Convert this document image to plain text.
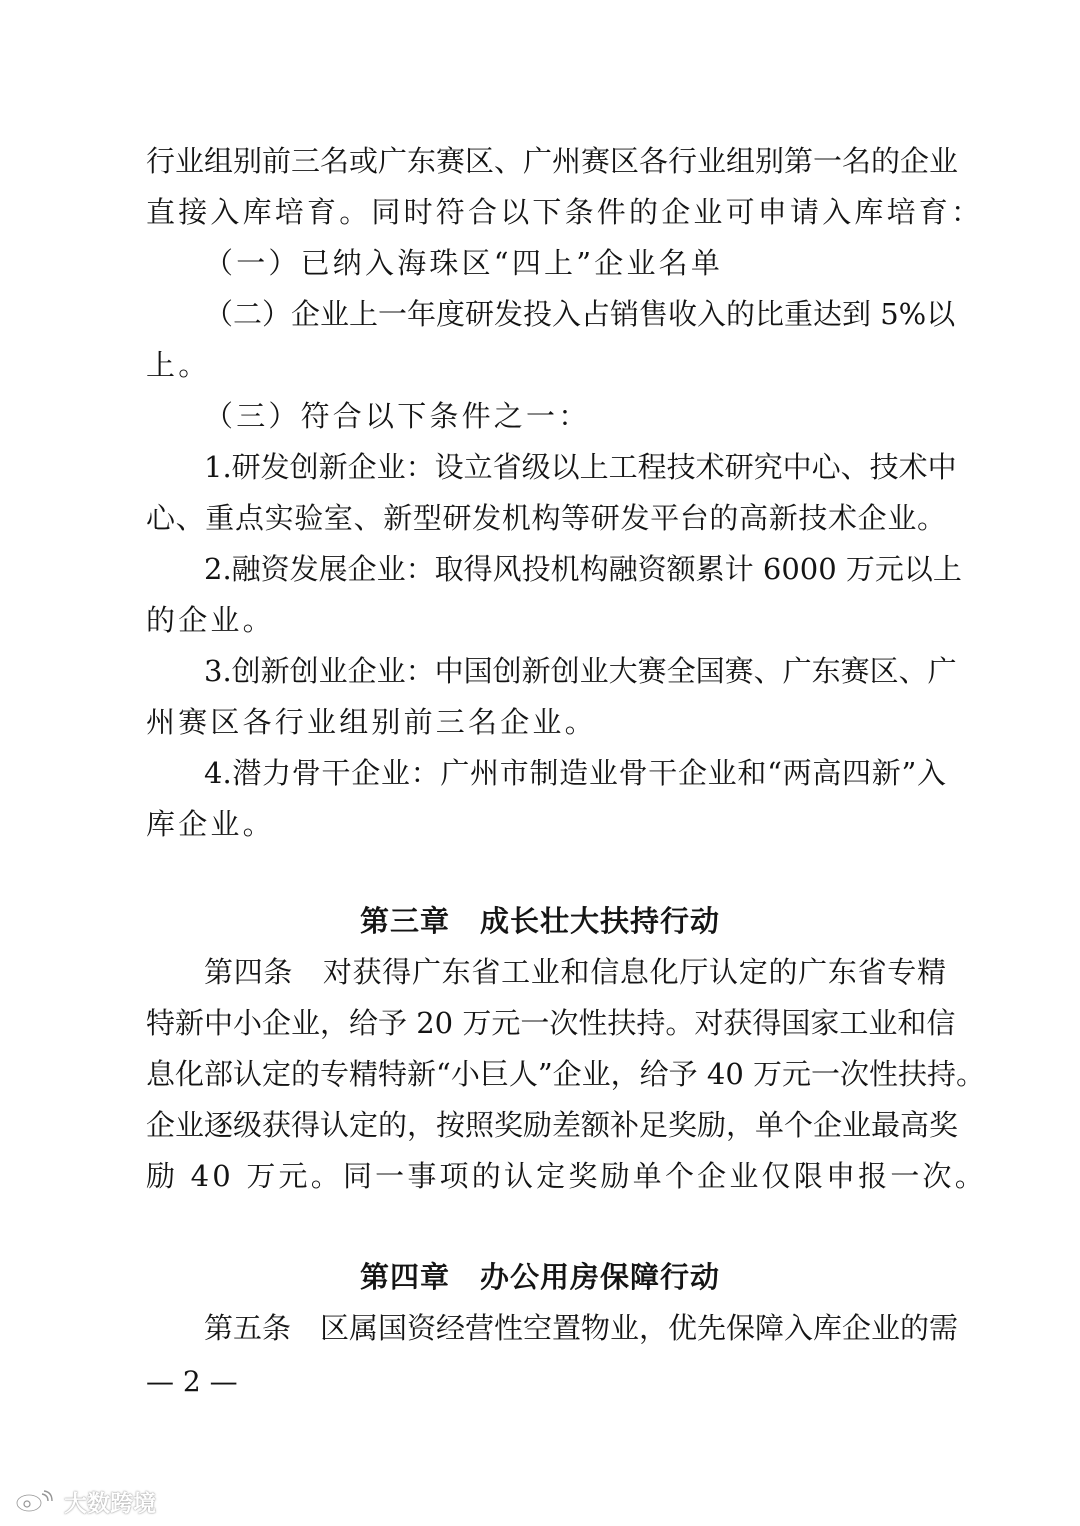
行业组别前三名或广东赛区、广州赛区各行业组别第一名的企业
直接入库培育。同时符合以下条件的企业可申请入库培育：
（一）已纳入海珠区“四上”企业名单
（二）企业上一年度研发投入占销售收入的比重达到 5%以
上。
（三）符合以下条件之一：
1.研发创新企业：设立省级以上工程技术研究中心、技术中
心、重点实验室、新型研发机构等研发平台的高新技术企业。
2.融资发展企业：取得风投机构融资额累计 6000 万元以上
的企业。
3.创新创业企业：中国创新创业大赛全国赛、广东赛区、广
州赛区各行业组别前三名企业。
4.潜力骨干企业：广州市制造业骨干企业和“两高四新”入
库企业。
第三章　成长壮大扶持行动
第四条　对获得广东省工业和信息化厅认定的广东省专精
特新中小企业，给予 20 万元一次性扶持。对获得国家工业和信
息化部认定的专精特新“小巨人”企业，给予 40 万元一次性扶持。
企业逐级获得认定的，按照奖励差额补足奖励，单个企业最高奖
励 40 万元。同一事项的认定奖励单个企业仅限申报一次。
第四章　办公用房保障行动
第五条　区属国资经营性空置物业，优先保障入库企业的需
— 2 —
大数跨境
